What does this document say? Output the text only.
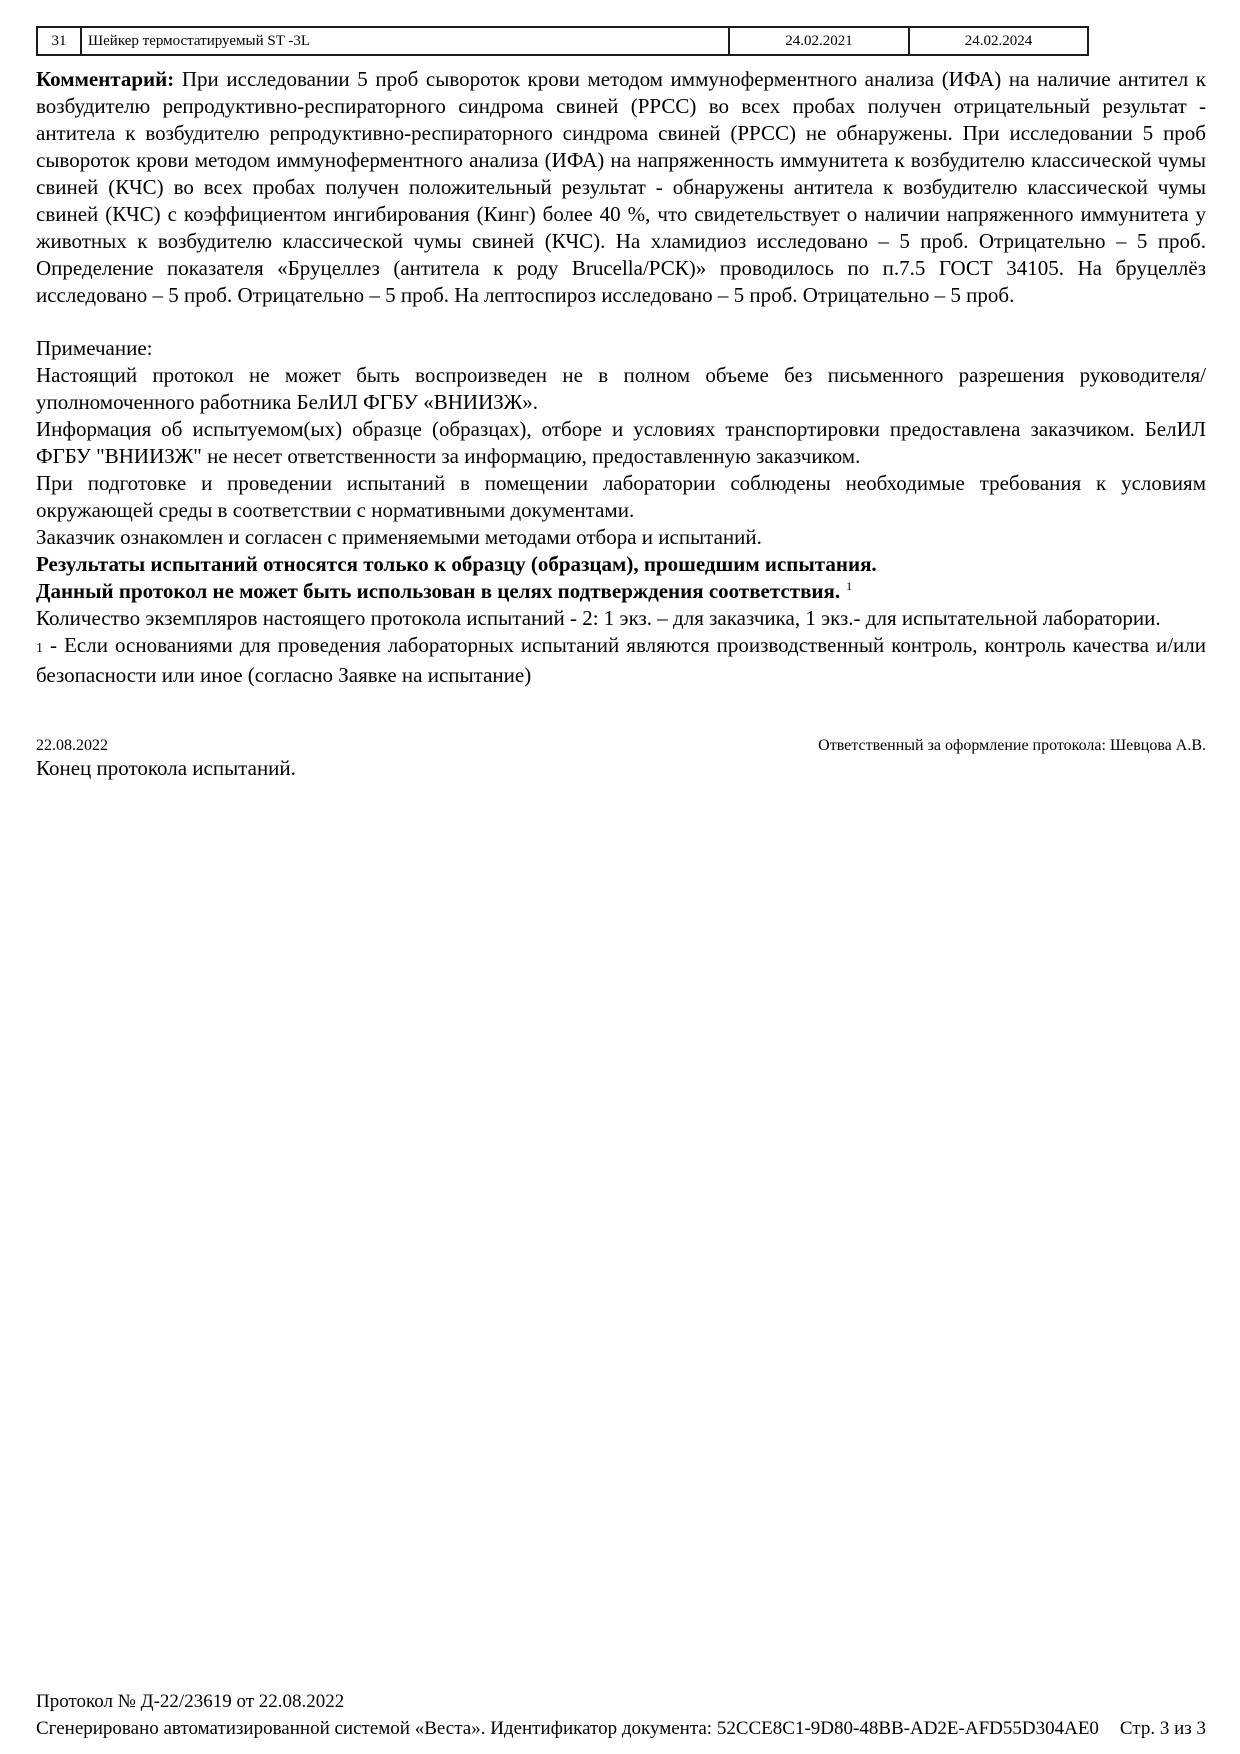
31	Шейкер термостатируемый ST -3L	24.02.2021	24.02.2024

Комментарий: При исследовании 5 проб сывороток крови методом иммуноферментного анализа (ИФА) на наличие антител к возбудителю репродуктивно-респираторного синдрома свиней (РРСС) во всех пробах получен отрицательный результат - антитела к возбудителю репродуктивно-респираторного синдрома свиней (РРСС) не обнаружены. При исследовании 5 проб сывороток крови методом иммуноферментного анализа (ИФА) на напряженность иммунитета к возбудителю классической чумы свиней (КЧС) во всех пробах получен положительный результат - обнаружены антитела к возбудителю классической чумы свиней (КЧС) с коэффициентом ингибирования (Кинг) более 40 %, что свидетельствует о наличии напряженного иммунитета у животных к возбудителю классической чумы свиней (КЧС). На хламидиоз исследовано – 5 проб. Отрицательно – 5 проб. Определение показателя «Бруцеллез (антитела к роду Brucella/РСК)» проводилось по п.7.5 ГОСТ 34105. На бруцеллёз исследовано – 5 проб. Отрицательно – 5 проб. На лептоспироз исследовано – 5 проб. Отрицательно – 5 проб.

Примечание:

Настоящий протокол не может быть воспроизведен не в полном объеме без письменного разрешения руководителя/уполномоченного работника БелИЛ ФГБУ «ВНИИЗЖ».

Информация об испытуемом(ых) образце (образцах), отборе и условиях транспортировки предоставлена заказчиком. БелИЛ ФГБУ "ВНИИЗЖ" не несет ответственности за информацию, предоставленную заказчиком.

При подготовке и проведении испытаний в помещении лаборатории соблюдены необходимые требования к условиям окружающей среды в соответствии с нормативными документами.

Заказчик ознакомлен и согласен с применяемыми методами отбора и испытаний.

Результаты испытаний относятся только к образцу (образцам), прошедшим испытания.

Данный протокол не может быть использован в целях подтверждения соответствия. $^1$

Количество экземпляров настоящего протокола испытаний - 2: 1 экз. – для заказчика, 1 экз.- для испытательной лаборатории.

1 - Если основаниями для проведения лабораторных испытаний являются производственный контроль, контроль качества и/или безопасности или иное (согласно Заявке на испытание)

22.08.2022	Ответственный за оформление протокола: Шевцова А.В.

Конец протокола испытаний.

Протокол № Д-22/23619 от 22.08.2022
Сгенерировано автоматизированной системой «Веста». Идентификатор документа: 52CCE8C1-9D80-48BB-AD2E-AFD55D304AE0 Стр. 3 из 3
